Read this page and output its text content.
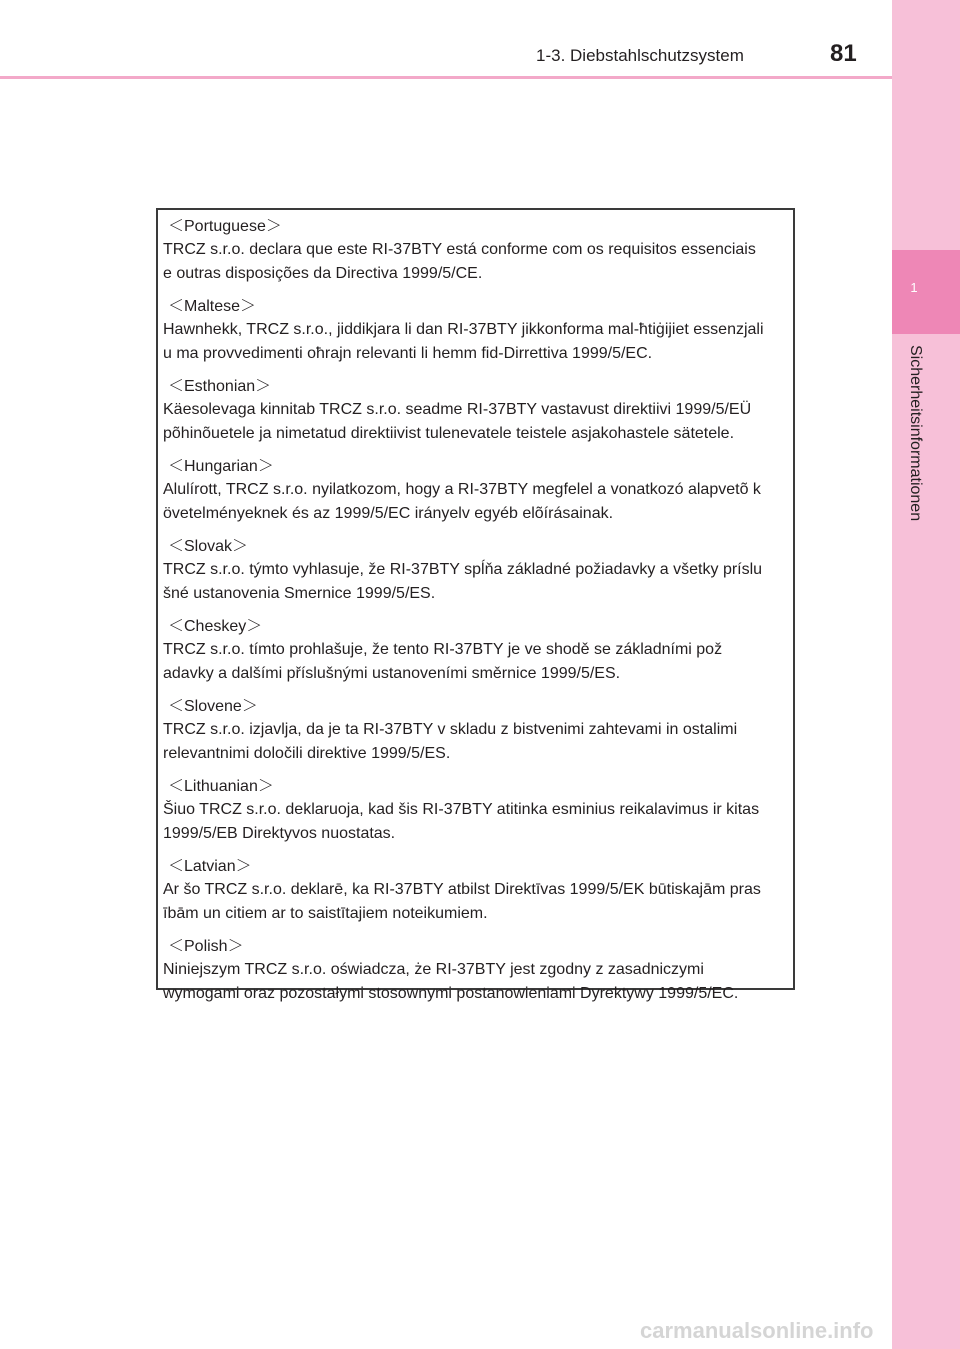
1
Sicherheitsinformationen
1-3. Diebstahlschutzsystem	81
＜Portuguese＞
TRCZ s.r.o. declara que este RI-37BTY está conforme com os requisitos essenciais
e outras disposições da Directiva 1999/5/CE.
＜Maltese＞
Hawnhekk, TRCZ s.r.o., jiddikjara li dan RI-37BTY jikkonforma mal-ħtiġijiet essenzjali
u ma provvedimenti oħrajn relevanti li hemm fid-Dirrettiva 1999/5/EC.
＜Esthonian＞
Käesolevaga kinnitab TRCZ s.r.o. seadme RI-37BTY vastavust direktiivi 1999/5/EÜ
põhinõuetele ja nimetatud direktiivist tulenevatele teistele asjakohastele sätetele.
＜Hungarian＞
Alulírott, TRCZ s.r.o. nyilatkozom, hogy a RI-37BTY megfelel a vonatkozó alapvetõ k
övetelményeknek és az 1999/5/EC irányelv egyéb elõírásainak.
＜Slovak＞
TRCZ s.r.o. týmto vyhlasuje, že RI-37BTY spĺňa základné požiadavky a všetky príslu
šné ustanovenia Smernice 1999/5/ES.
＜Cheskey＞
TRCZ s.r.o. tímto prohlašuje, že tento RI-37BTY je ve shodě se základními pož
adavky a dalšími příslušnými ustanoveními směrnice 1999/5/ES.
＜Slovene＞
TRCZ s.r.o. izjavlja, da je ta RI-37BTY v skladu z bistvenimi zahtevami in ostalimi
relevantnimi določili direktive 1999/5/ES.
＜Lithuanian＞
Šiuo TRCZ s.r.o. deklaruoja, kad šis RI-37BTY atitinka esminius reikalavimus ir kitas
1999/5/EB Direktyvos nuostatas.
＜Latvian＞
Ar šo TRCZ s.r.o. deklarē, ka RI-37BTY atbilst Direktīvas 1999/5/EK būtiskajām pras
ībām un citiem ar to saistītajiem noteikumiem.
＜Polish＞
Niniejszym TRCZ s.r.o. oświadcza, że RI-37BTY jest zgodny z zasadniczymi
wymogami oraz pozostałymi stosownymi postanowieniami Dyrektywy 1999/5/EC.
carmanualsonline.info
